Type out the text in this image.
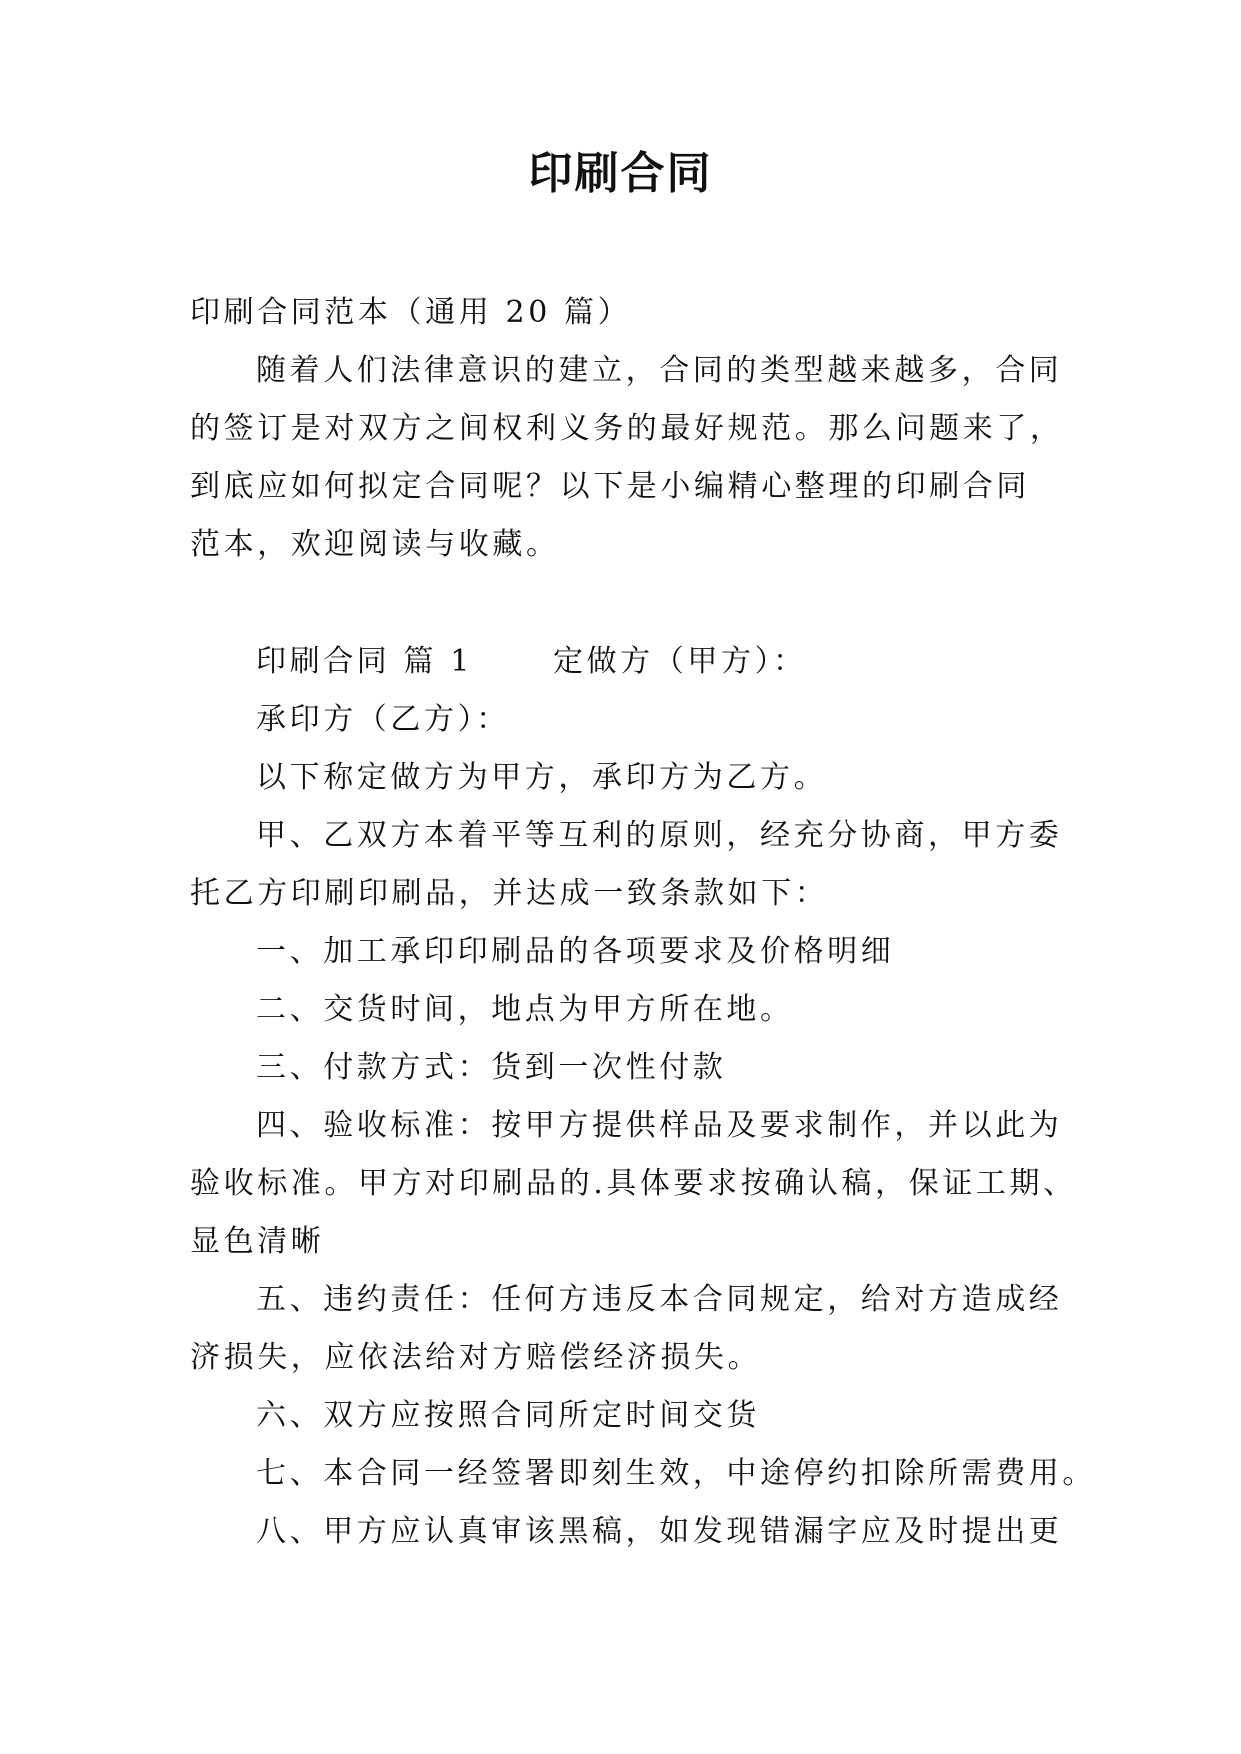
印刷合同
印刷合同范本（通用 20 篇）
随着人们法律意识的建立，合同的类型越来越多，合同
的签订是对双方之间权利义务的最好规范。那么问题来了，
到底应如何拟定合同呢？以下是小编精心整理的印刷合同
范本，欢迎阅读与收藏。
印刷合同 篇 1	定做方（甲方）：
承印方（乙方）：
以下称定做方为甲方，承印方为乙方。
甲、乙双方本着平等互利的原则，经充分协商，甲方委
托乙方印刷印刷品，并达成一致条款如下：
一、加工承印印刷品的各项要求及价格明细
二、交货时间，地点为甲方所在地。
三、付款方式：货到一次性付款
四、验收标准：按甲方提供样品及要求制作，并以此为
验收标准。甲方对印刷品的.具体要求按确认稿，保证工期、
显色清晰
五、违约责任：任何方违反本合同规定，给对方造成经
济损失，应依法给对方赔偿经济损失。
六、双方应按照合同所定时间交货
七、本合同一经签署即刻生效，中途停约扣除所需费用。
八、甲方应认真审该黑稿，如发现错漏字应及时提出更
